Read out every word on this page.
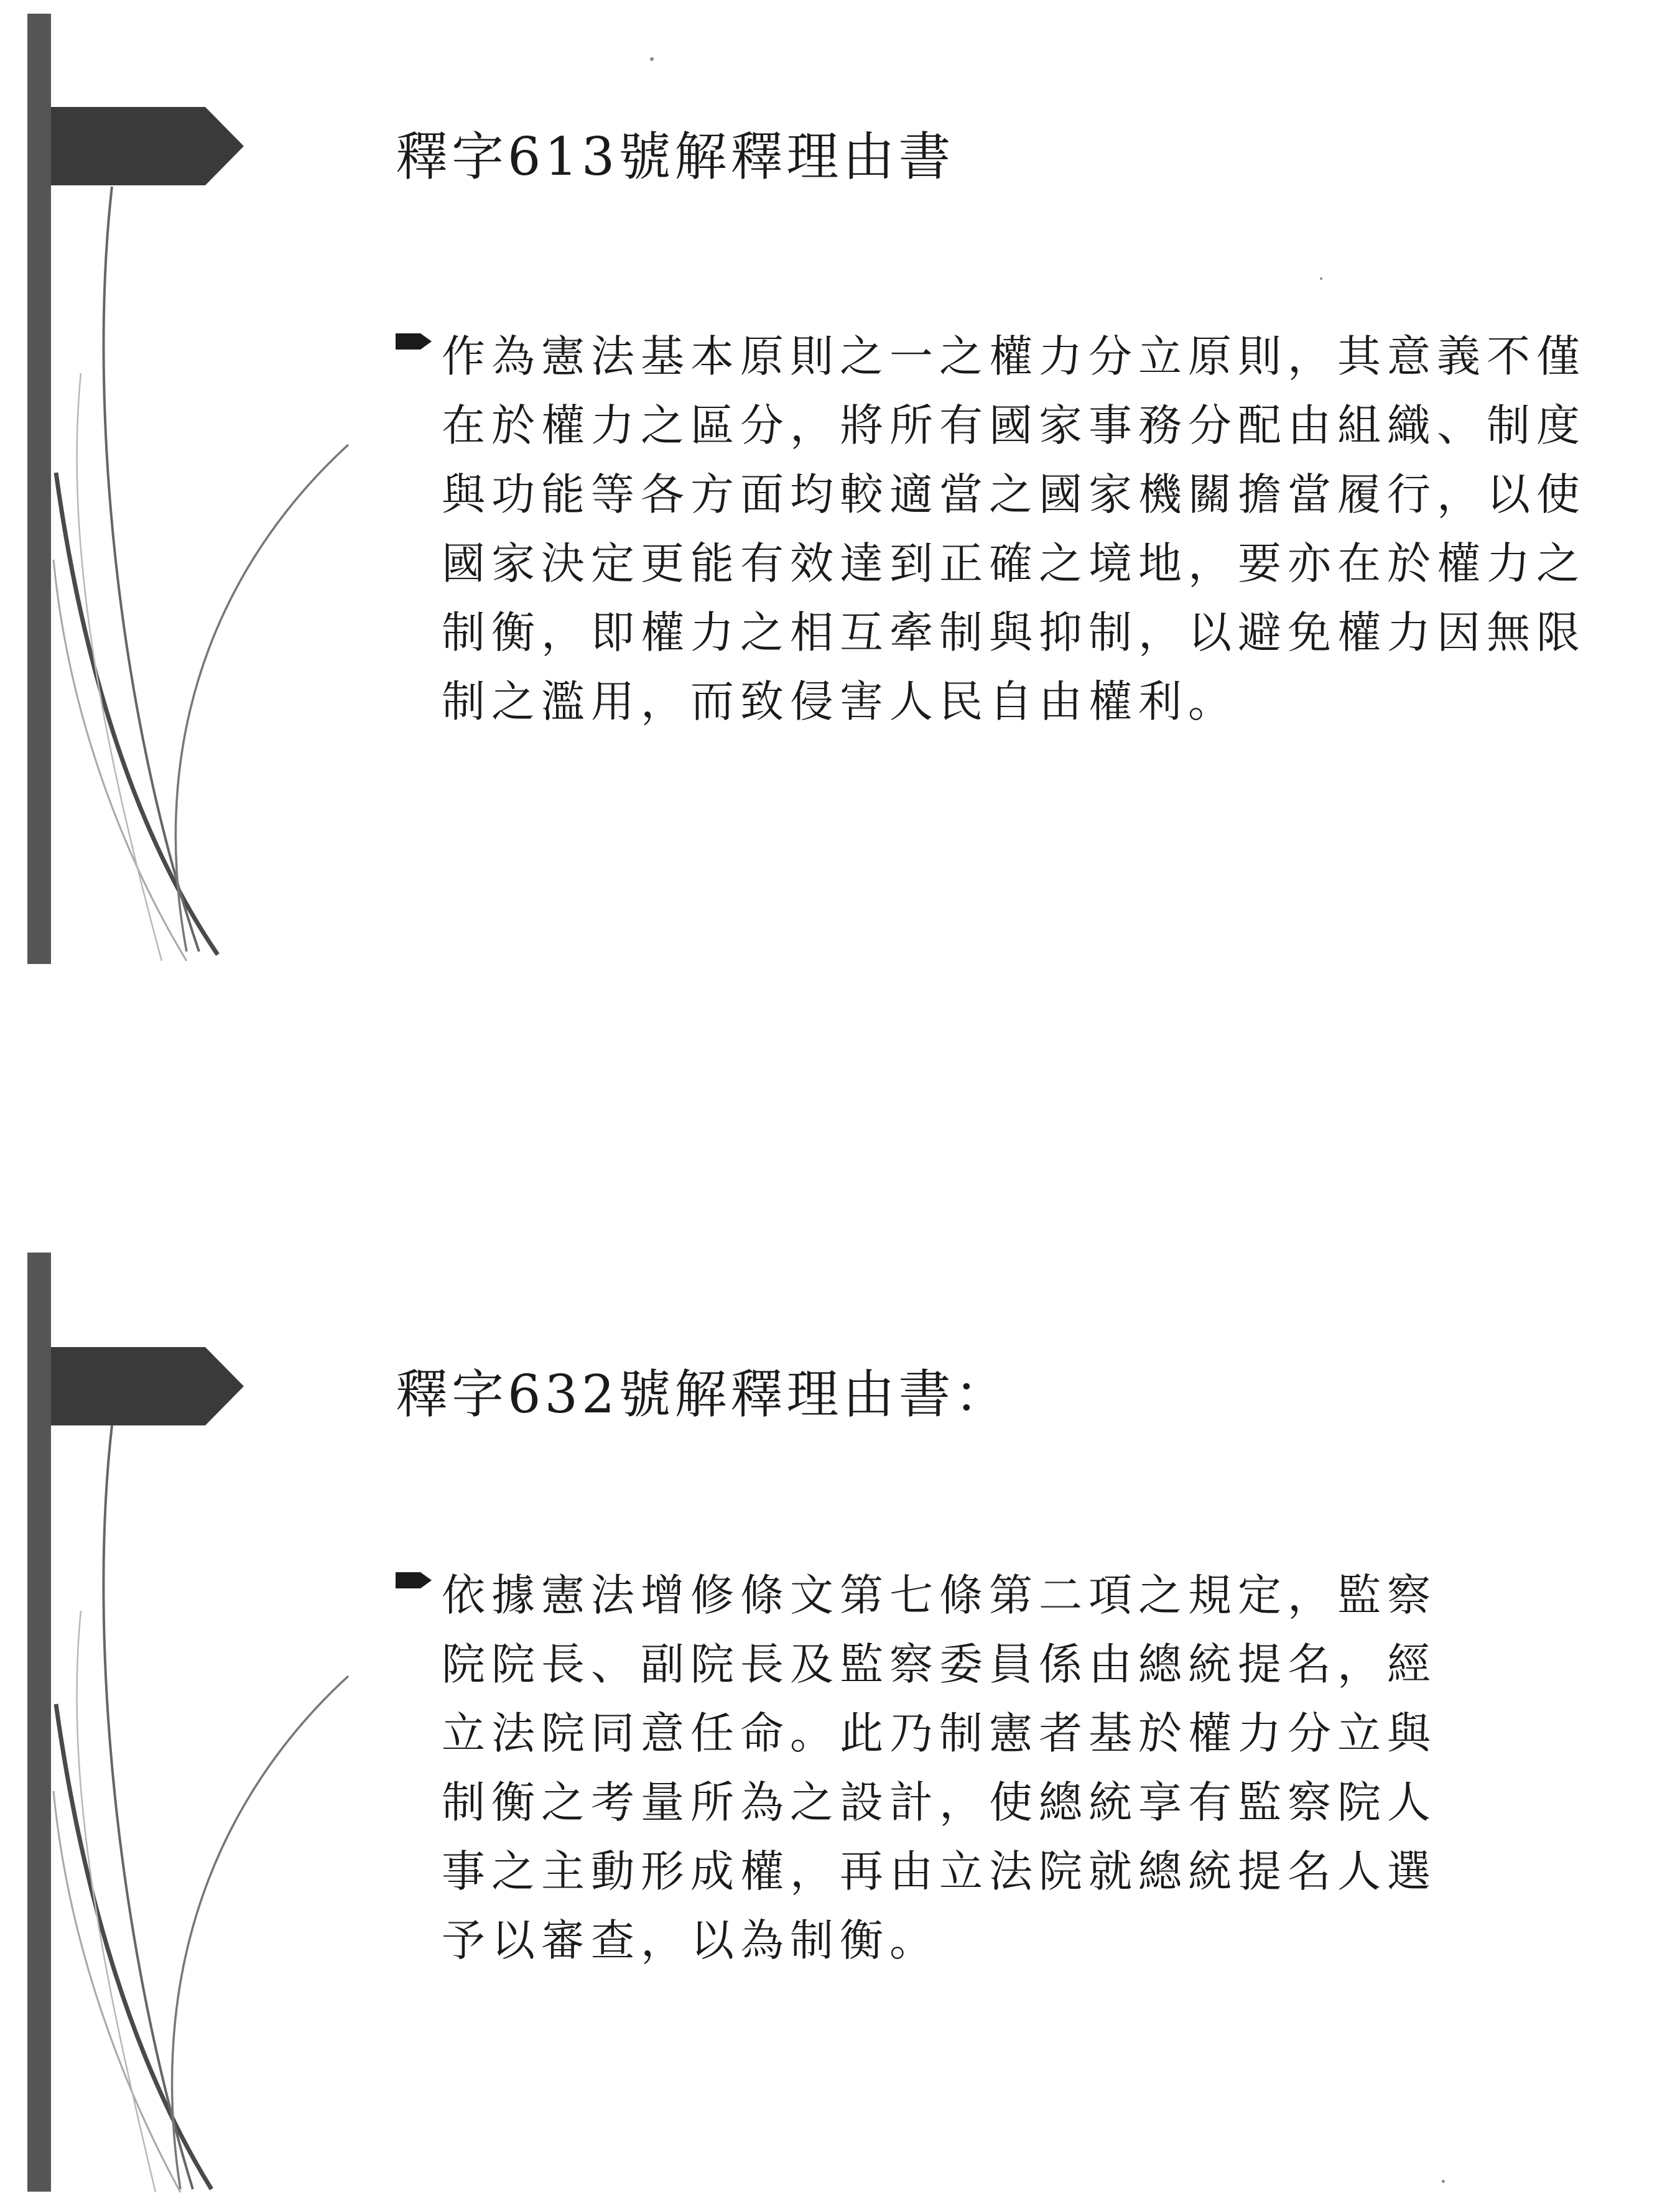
釋字613號解釋理由書

作為憲法基本原則之一之權力分立原則，其意義不僅
在於權力之區分，將所有國家事務分配由組織、制度
與功能等各方面均較適當之國家機關擔當履行，以使
國家決定更能有效達到正確之境地，要亦在於權力之
制衡，即權力之相互牽制與抑制，以避免權力因無限
制之濫用，而致侵害人民自由權利。

釋字632號解釋理由書：

依據憲法增修條文第七條第二項之規定，監察
院院長、副院長及監察委員係由總統提名，經
立法院同意任命。此乃制憲者基於權力分立與
制衡之考量所為之設計，使總統享有監察院人
事之主動形成權，再由立法院就總統提名人選
予以審查，以為制衡。
